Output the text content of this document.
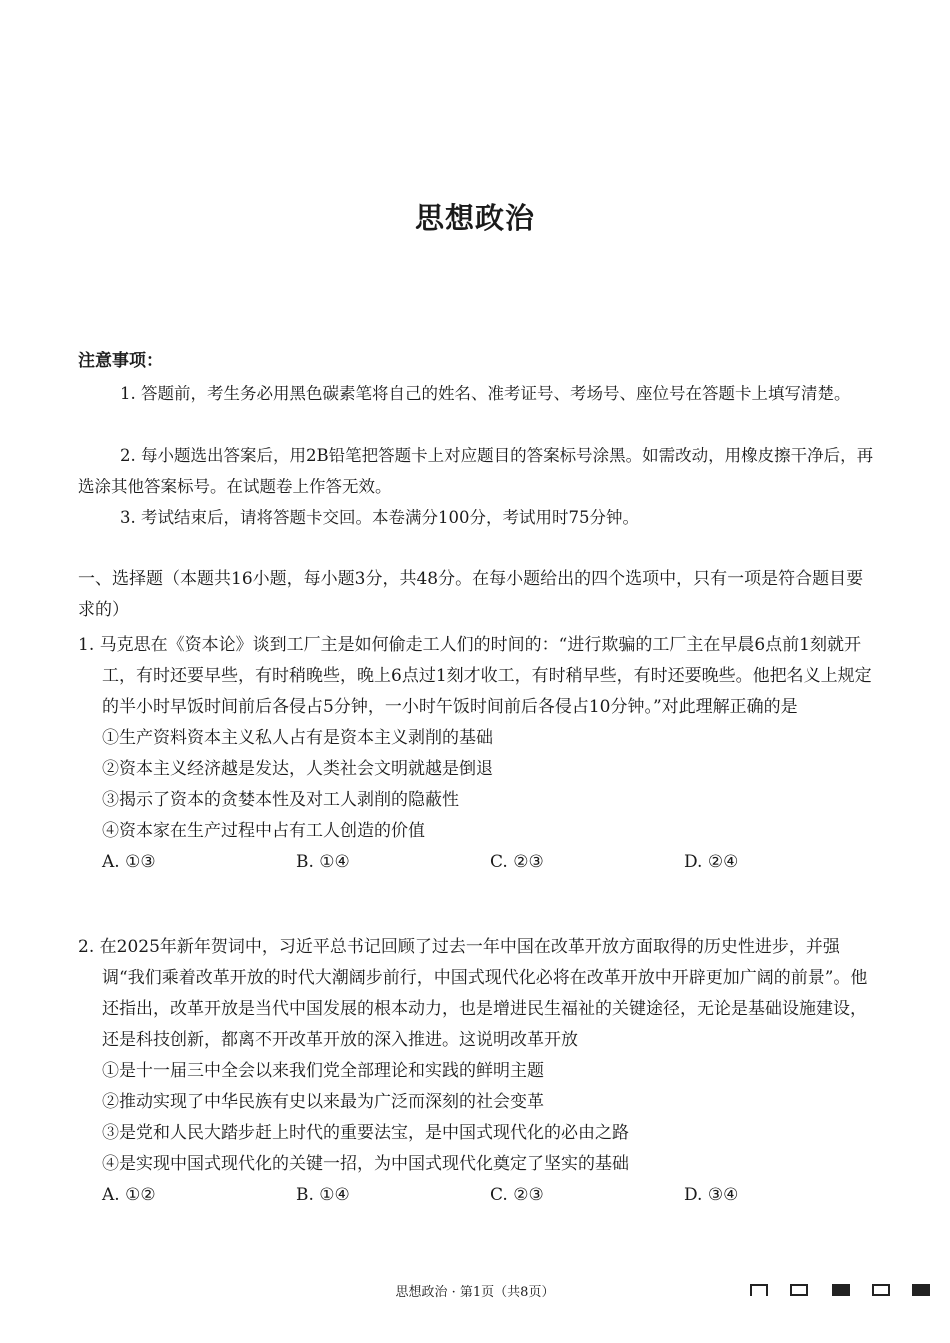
思想政治
注意事项：
1. 答题前，考生务必用黑色碳素笔将自己的姓名、准考证号、考场号、座位号在答题卡上填写清楚。
2. 每小题选出答案后，用2B铅笔把答题卡上对应题目的答案标号涂黑。如需改动，用橡皮擦干净后，再选涂其他答案标号。在试题卷上作答无效。
3. 考试结束后，请将答题卡交回。本卷满分100分，考试用时75分钟。
一、选择题（本题共16小题，每小题3分，共48分。在每小题给出的四个选项中，只有一项是符合题目要求的）
1. 马克思在《资本论》谈到工厂主是如何偷走工人们的时间的：“进行欺骗的工厂主在早晨6点前1刻就开工，有时还要早些，有时稍晚些，晚上6点过1刻才收工，有时稍早些，有时还要晚些。他把名义上规定的半小时早饭时间前后各侵占5分钟，一小时午饭时间前后各侵占10分钟。”对此理解正确的是
①生产资料资本主义私人占有是资本主义剥削的基础
②资本主义经济越是发达，人类社会文明就越是倒退
③揭示了资本的贪婪本性及对工人剥削的隐蔽性
④资本家在生产过程中占有工人创造的价值
A. ①③	B. ①④	C. ②③	D. ②④
2. 在2025年新年贺词中，习近平总书记回顾了过去一年中国在改革开放方面取得的历史性进步，并强调“我们乘着改革开放的时代大潮阔步前行，中国式现代化必将在改革开放中开辟更加广阔的前景”。他还指出，改革开放是当代中国发展的根本动力，也是增进民生福祉的关键途径，无论是基础设施建设，还是科技创新，都离不开改革开放的深入推进。这说明改革开放
①是十一届三中全会以来我们党全部理论和实践的鲜明主题
②推动实现了中华民族有史以来最为广泛而深刻的社会变革
③是党和人民大踏步赶上时代的重要法宝，是中国式现代化的必由之路
④是实现中国式现代化的关键一招，为中国式现代化奠定了坚实的基础
A. ①②	B. ①④	C. ②③	D. ③④
思想政治 · 第1页（共8页）
